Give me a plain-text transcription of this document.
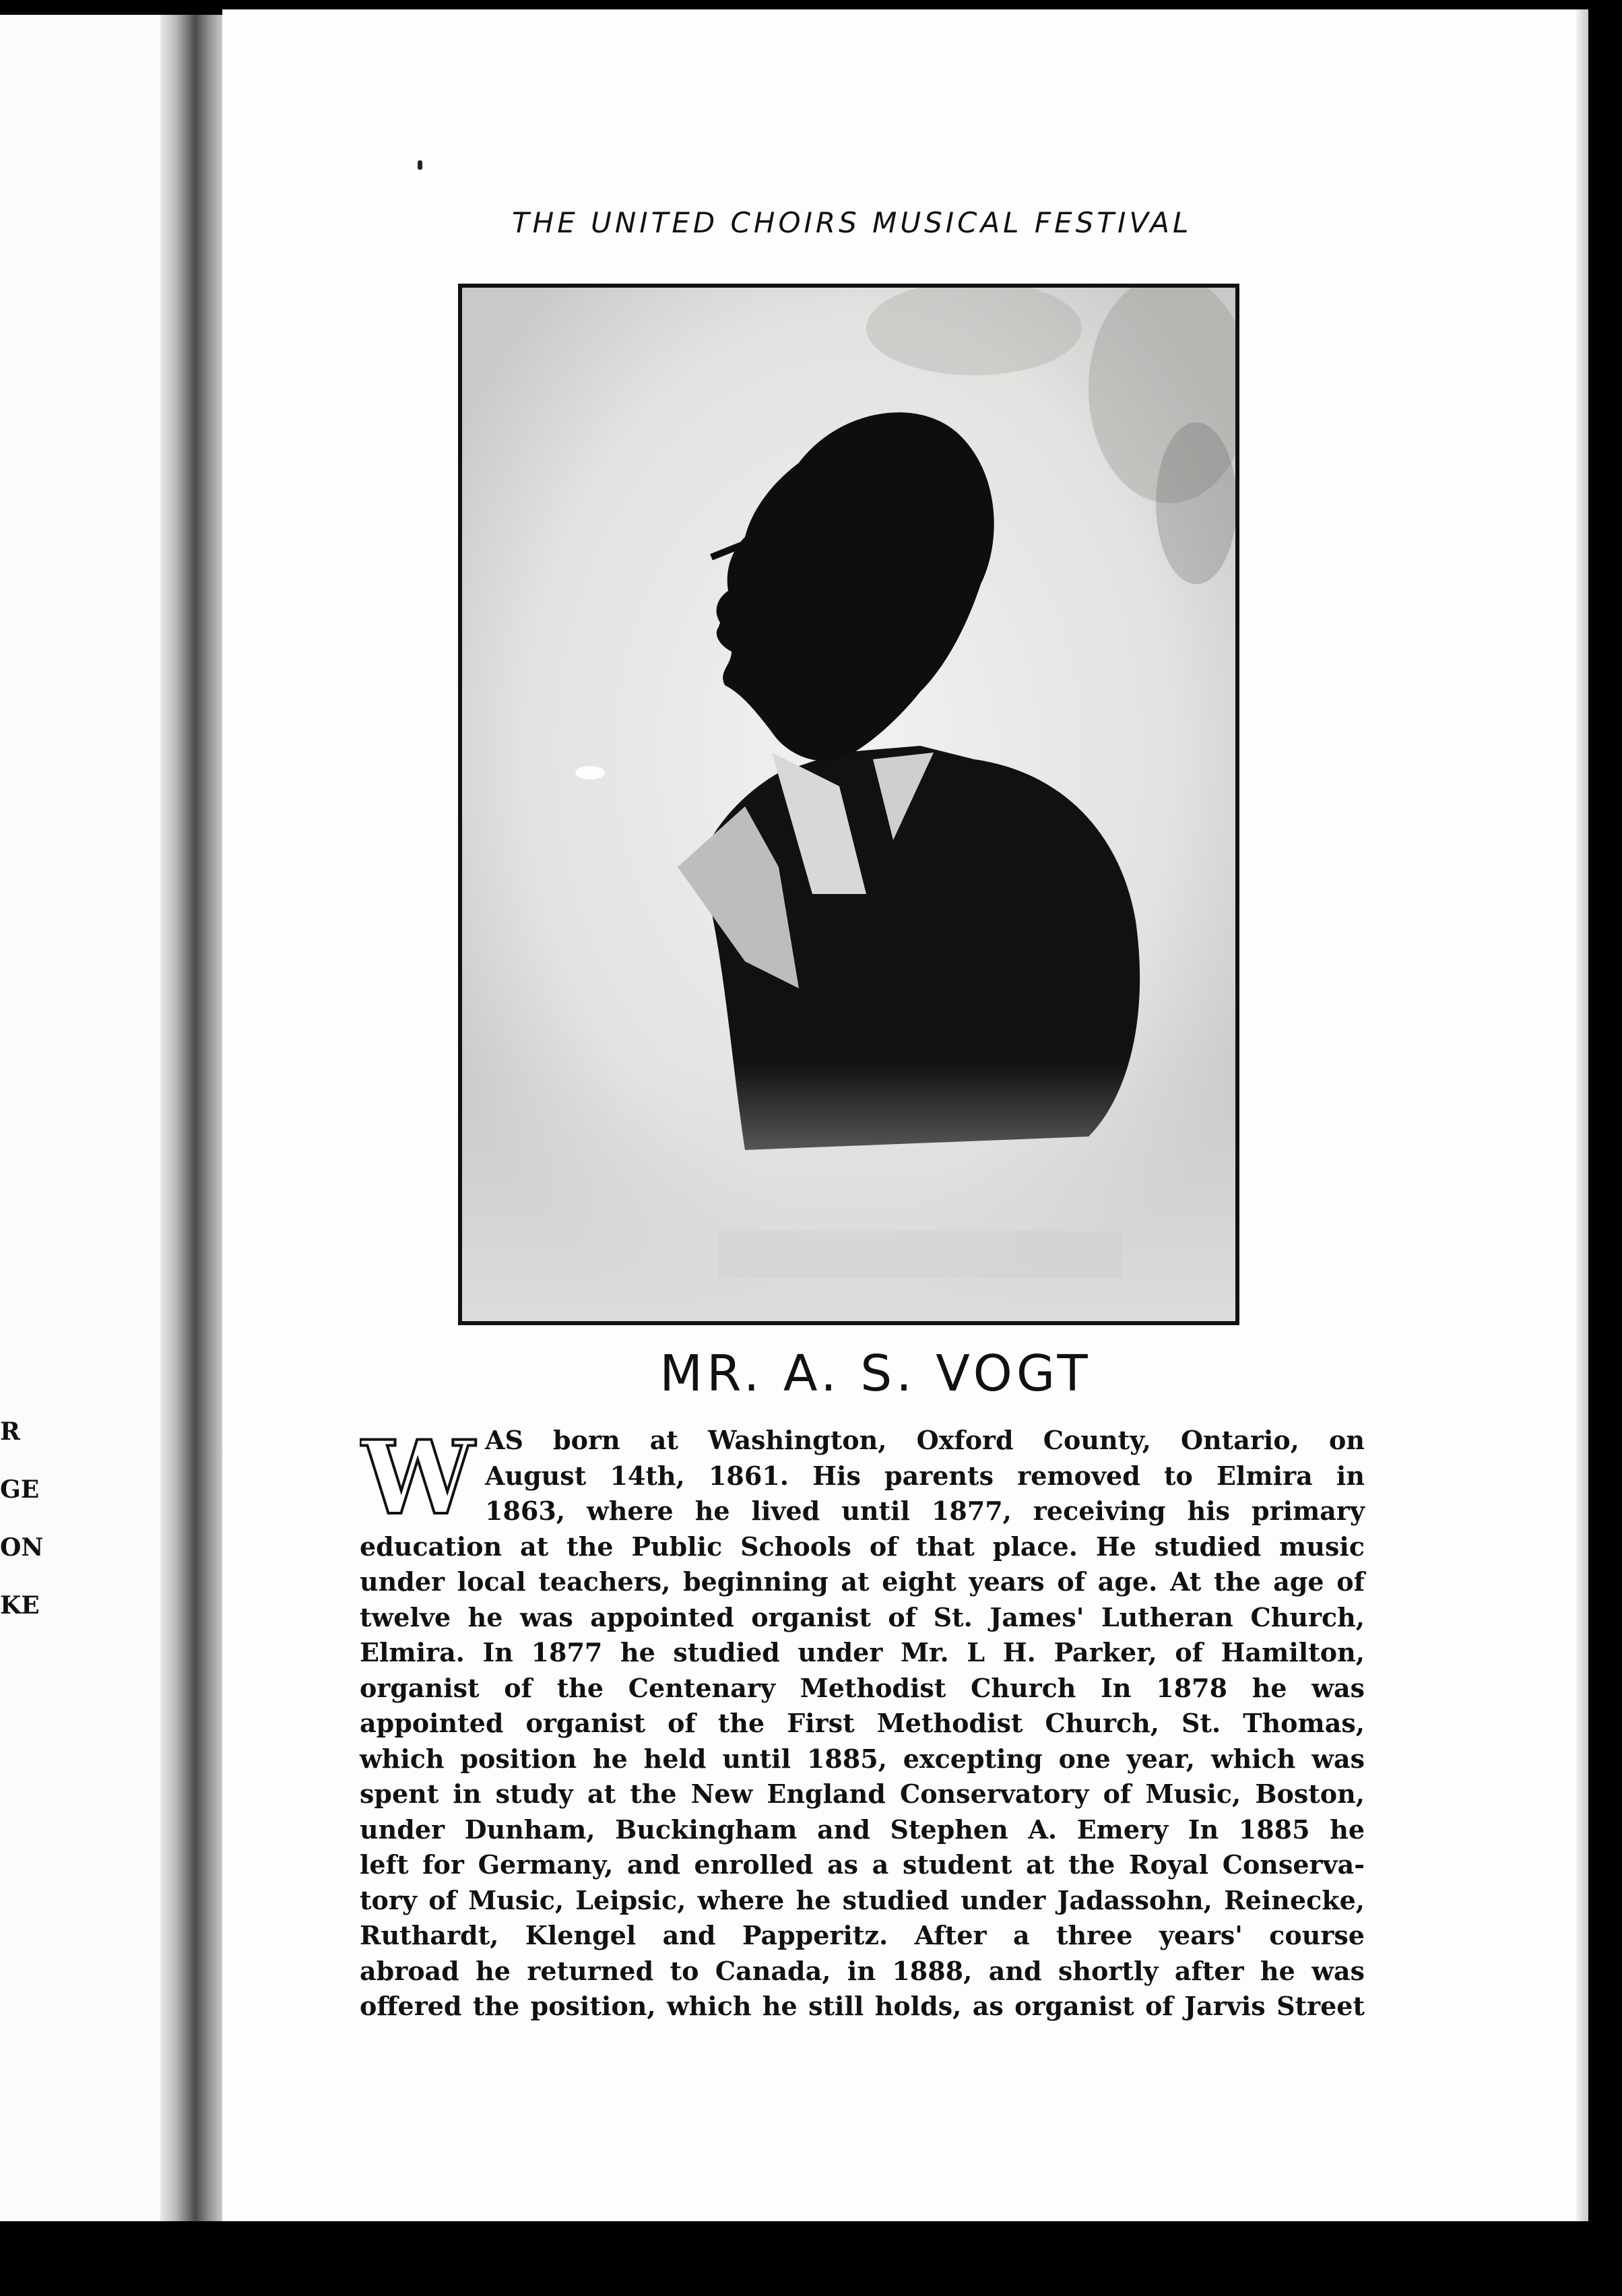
R
GE
ON
KE
THE UNITED CHOIRS MUSICAL FESTIVAL
MR. A. S. VOGT
W AS born at Washington, Oxford County, Ontario, on
August 14th, 1861. His parents removed to Elmira in
1863, where he lived until 1877, receiving his primary
education at the Public Schools of that place. He studied music
under local teachers, beginning at eight years of age. At the age of
twelve he was appointed organist of St. James' Lutheran Church,
Elmira. In 1877 he studied under Mr. L H. Parker, of Hamilton,
organist of the Centenary Methodist Church In 1878 he was
appointed organist of the First Methodist Church, St. Thomas,
which position he held until 1885, excepting one year, which was
spent in study at the New England Conservatory of Music, Boston,
under Dunham, Buckingham and Stephen A. Emery In 1885 he
left for Germany, and enrolled as a student at the Royal Conserva-
tory of Music, Leipsic, where he studied under Jadassohn, Reinecke,
Ruthardt, Klengel and Papperitz. After a three years' course
abroad he returned to Canada, in 1888, and shortly after he was
offered the position, which he still holds, as organist of Jarvis Street
